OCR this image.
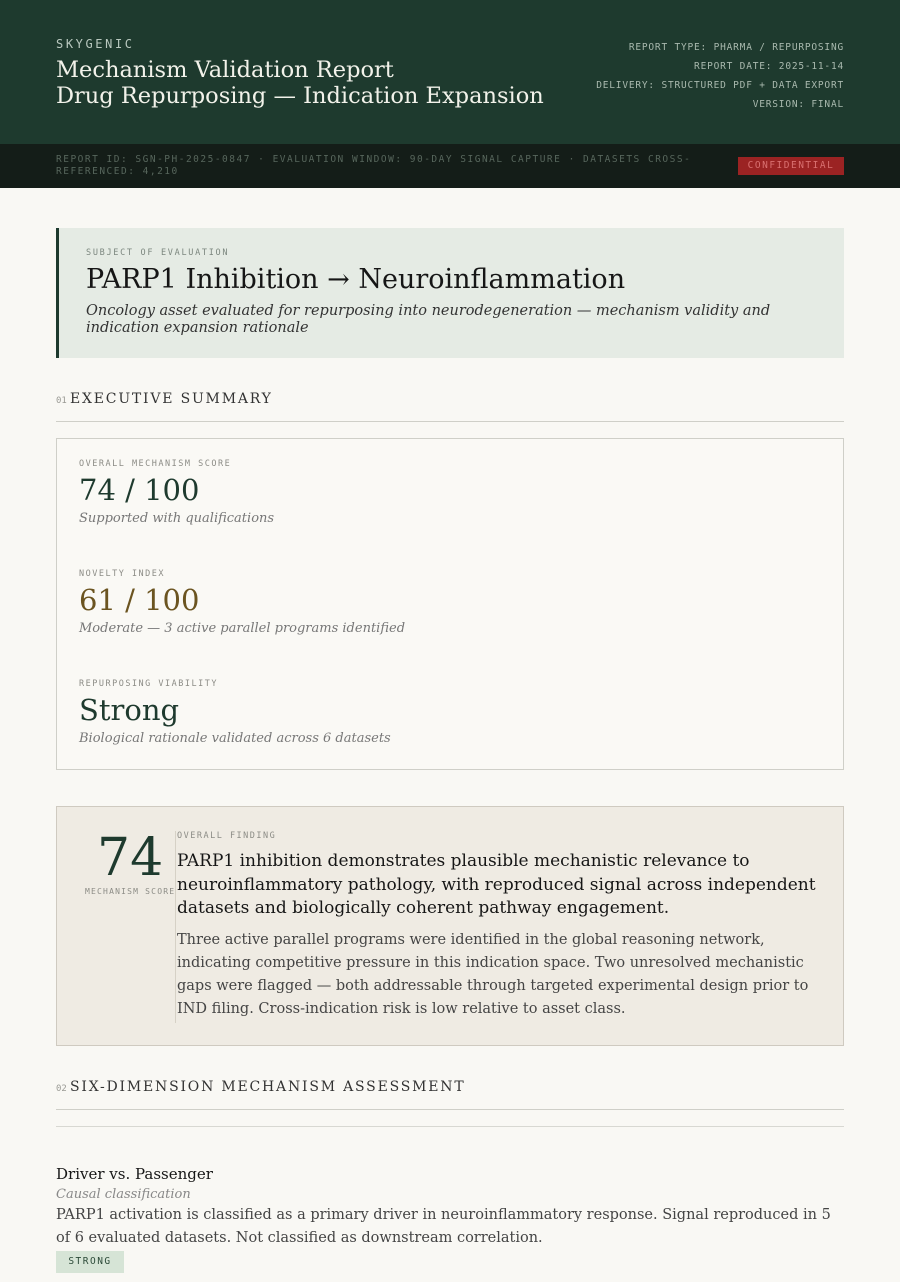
SKYGENIC
Mechanism Validation Report
Drug Repurposing — Indication Expansion
REPORT TYPE: PHARMA / REPURPOSING
REPORT DATE: 2025-11-14
DELIVERY: STRUCTURED PDF + DATA EXPORT
VERSION: FINAL
REPORT ID: SGN-PH-2025-0847 · EVALUATION WINDOW: 90-DAY SIGNAL CAPTURE · DATASETS CROSS-REFERENCED: 4,210
CONFIDENTIAL
SUBJECT OF EVALUATION
PARP1 Inhibition → Neuroinflammation
Oncology asset evaluated for repurposing into neurodegeneration — mechanism validity and indication expansion rationale
01 EXECUTIVE SUMMARY
OVERALL MECHANISM SCORE
74 / 100
Supported with qualifications
NOVELTY INDEX
61 / 100
Moderate — 3 active parallel programs identified
REPURPOSING VIABILITY
Strong
Biological rationale validated across 6 datasets
74
MECHANISM SCORE
OVERALL FINDING
PARP1 inhibition demonstrates plausible mechanistic relevance to neuroinflammatory pathology, with reproduced signal across independent datasets and biologically coherent pathway engagement.
Three active parallel programs were identified in the global reasoning network, indicating competitive pressure in this indication space. Two unresolved mechanistic gaps were flagged — both addressable through targeted experimental design prior to IND filing. Cross-indication risk is low relative to asset class.
02 SIX-DIMENSION MECHANISM ASSESSMENT
Driver vs. Passenger
Causal classification
PARP1 activation is classified as a primary driver in neuroinflammatory response. Signal reproduced in 5 of 6 evaluated datasets. Not classified as downstream correlation.
STRONG
